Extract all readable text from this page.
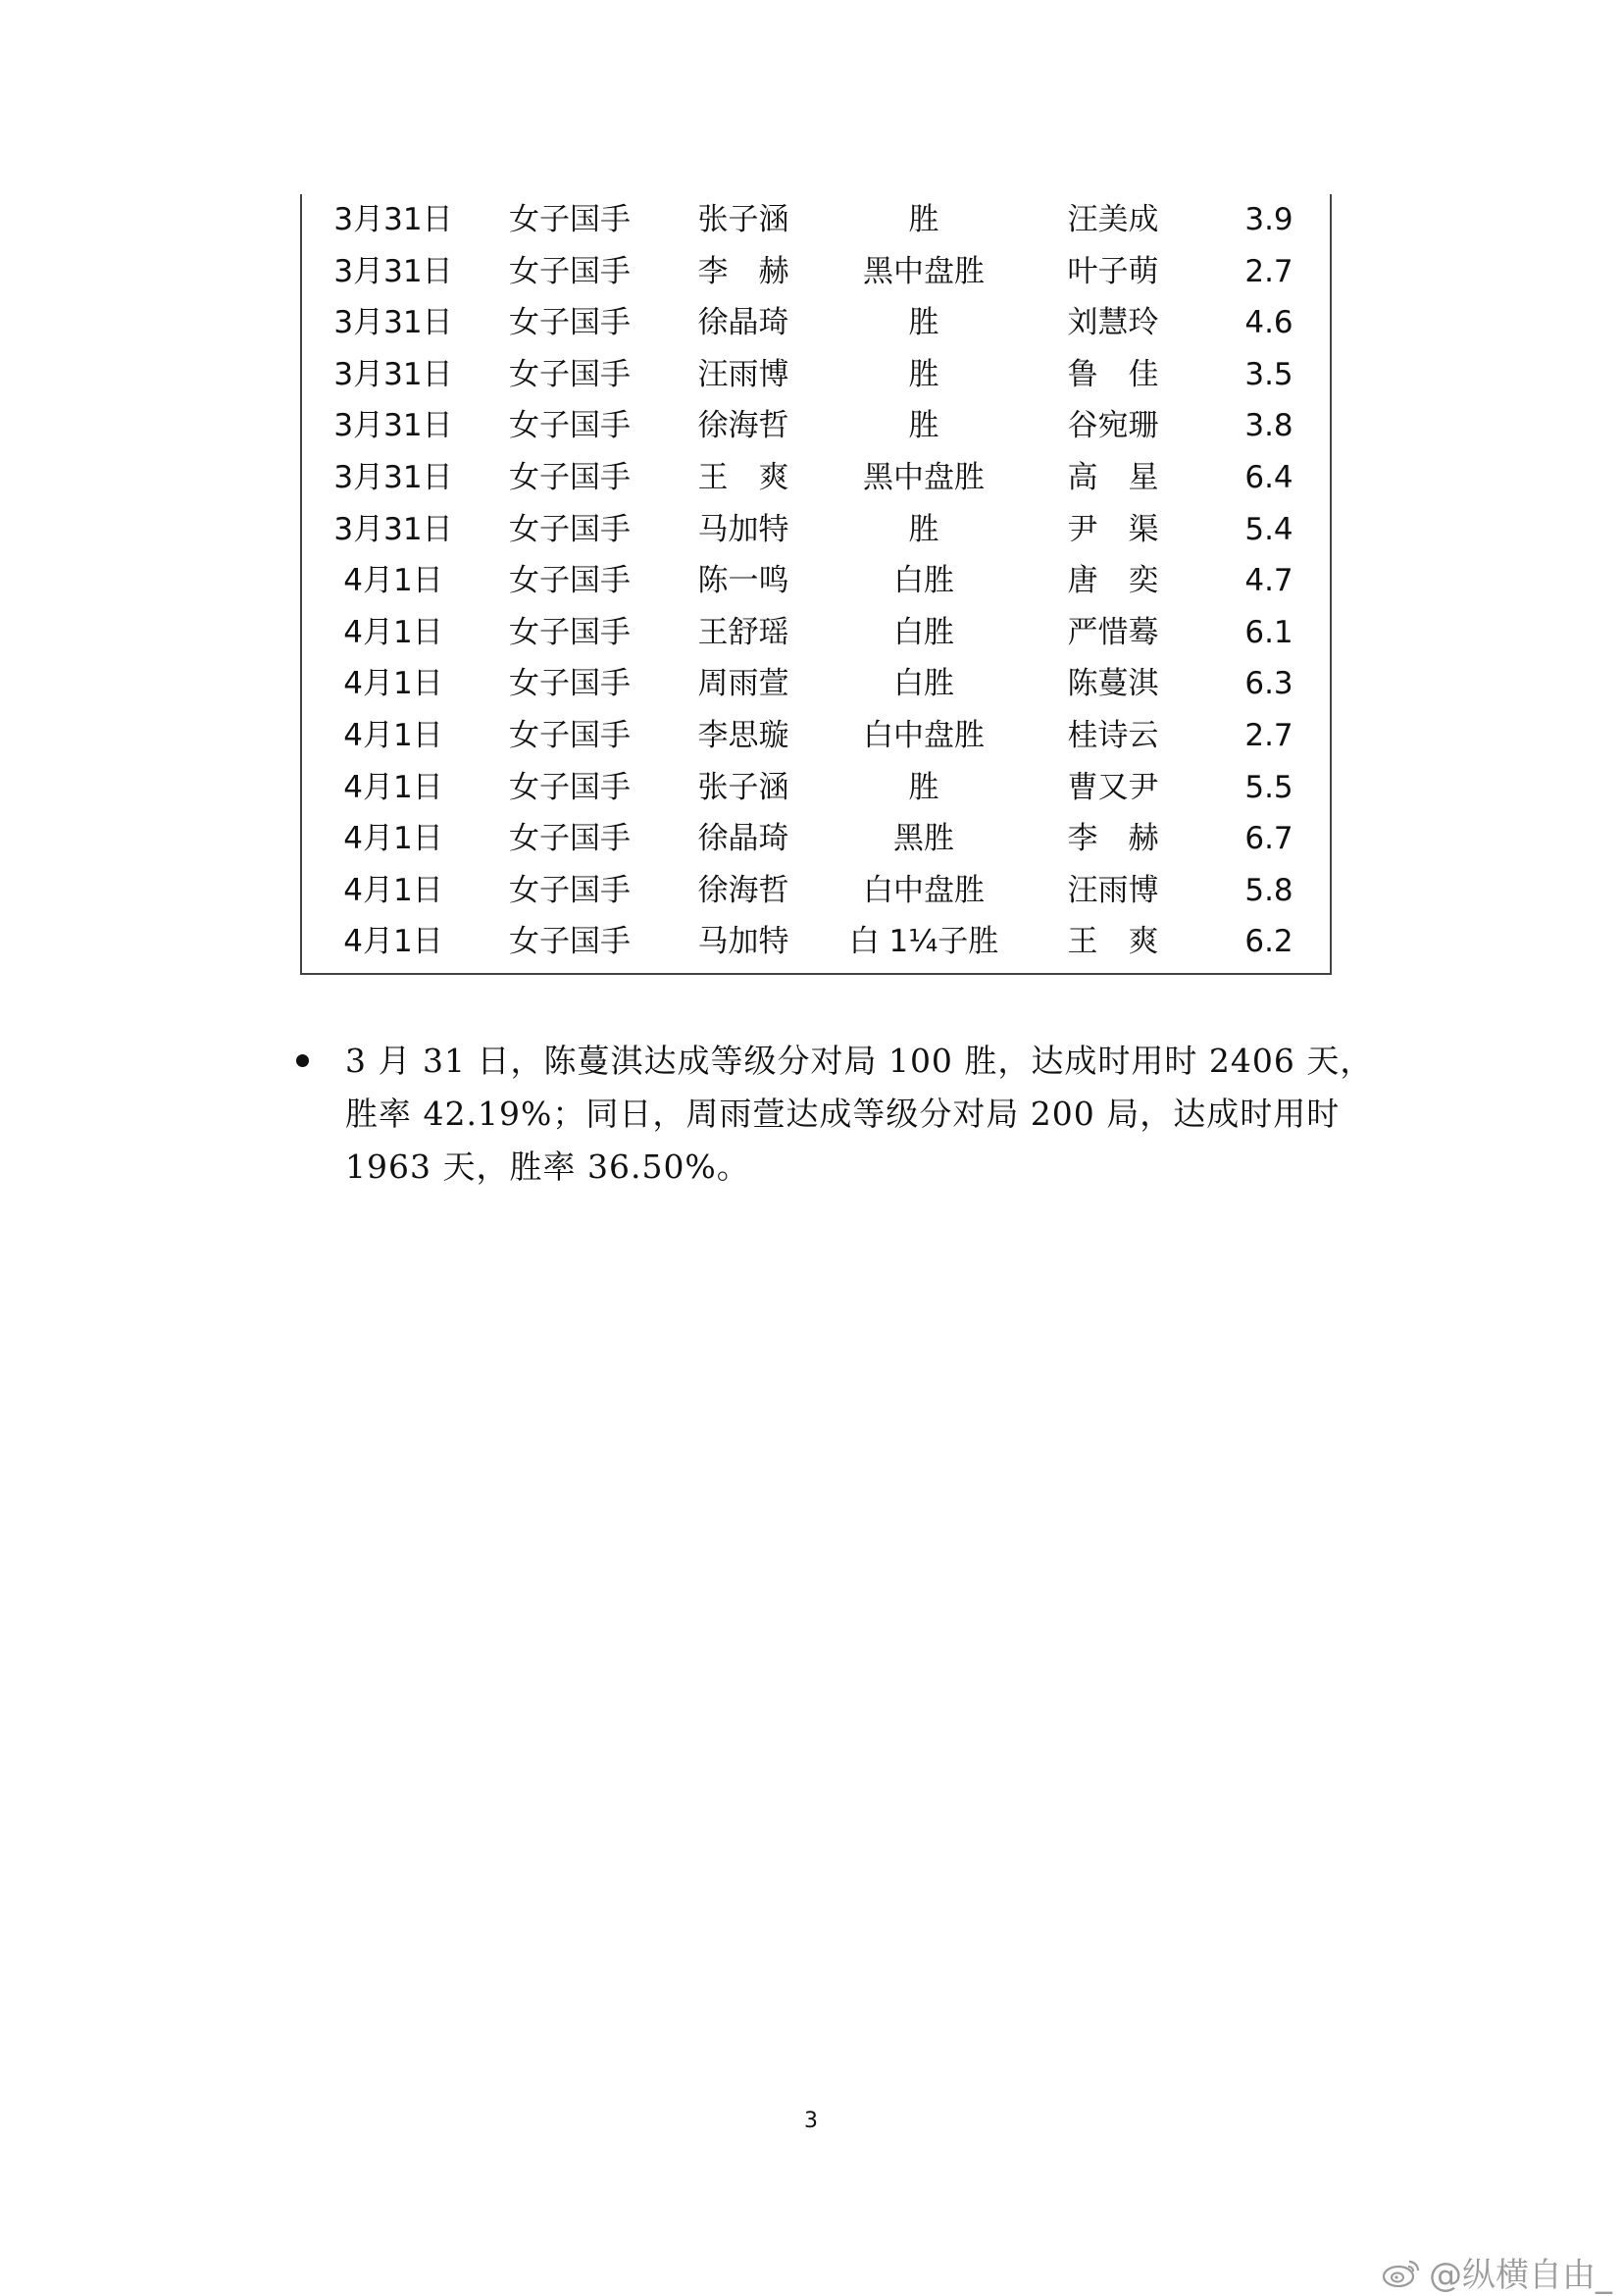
3月31日	女子国手	张子涵	胜	汪美成	3.9
3月31日	女子国手	李　赫	黑中盘胜	叶子萌	2.7
3月31日	女子国手	徐晶琦	胜	刘慧玲	4.6
3月31日	女子国手	汪雨博	胜	鲁　佳	3.5
3月31日	女子国手	徐海哲	胜	谷宛珊	3.8
3月31日	女子国手	王　爽	黑中盘胜	高　星	6.4
3月31日	女子国手	马加特	胜	尹　渠	5.4
4月1日	女子国手	陈一鸣	白胜	唐　奕	4.7
4月1日	女子国手	王舒瑶	白胜	严惜蓦	6.1
4月1日	女子国手	周雨萱	白胜	陈蔓淇	6.3
4月1日	女子国手	李思璇	白中盘胜	桂诗云	2.7
4月1日	女子国手	张子涵	胜	曹又尹	5.5
4月1日	女子国手	徐晶琦	黑胜	李　赫	6.7
4月1日	女子国手	徐海哲	白中盘胜	汪雨博	5.8
4月1日	女子国手	马加特	白 1¼子胜	王　爽	6.2
3 月 31 日，陈蔓淇达成等级分对局 100 胜，达成时用时 2406 天，胜率 42.19%；同日，周雨萱达成等级分对局 200 局，达成时用时 1963 天，胜率 36.50%。
3
@纵横自由_
